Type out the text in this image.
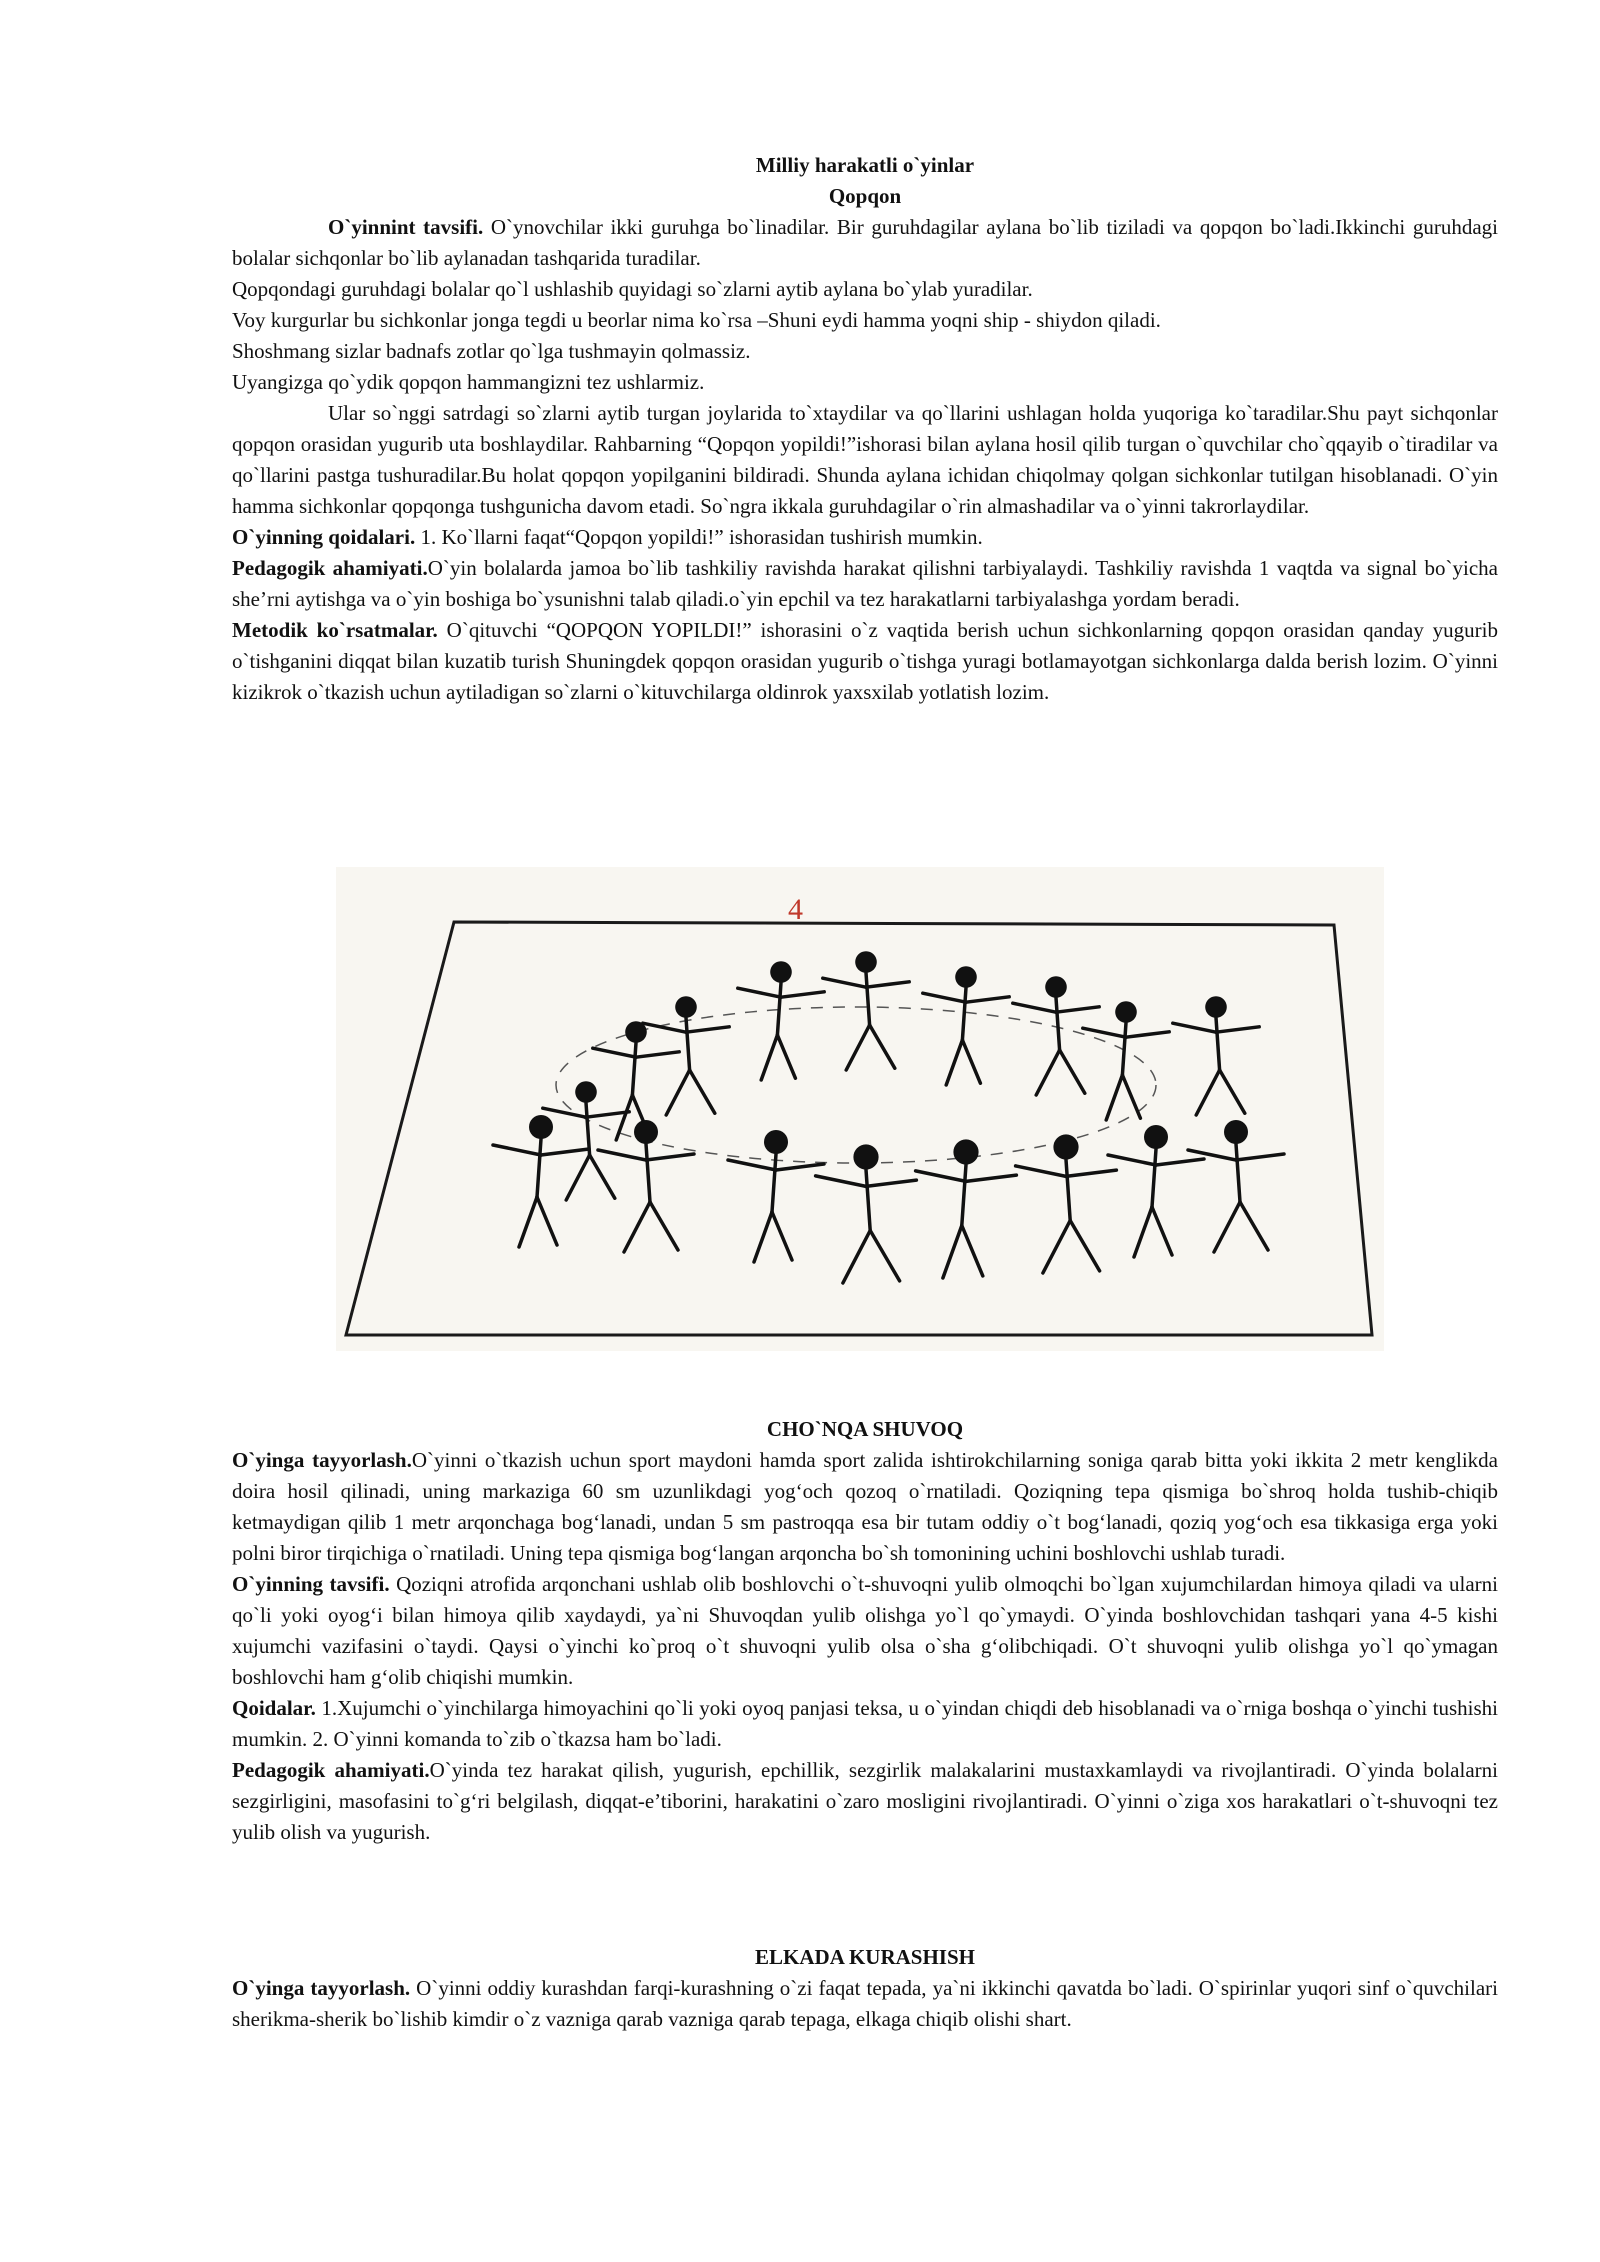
Milliy harakatli o`yinlar
Qopqon

O`yinnint tavsifi. O`ynovchilar ikki guruhga bo`linadilar. Bir guruhdagilar aylana bo`lib tiziladi va qopqon bo`ladi.Ikkinchi guruhdagi bolalar sichqonlar bo`lib aylanadan tashqarida turadilar.

Qopqondagi guruhdagi bolalar qo`l ushlashib quyidagi so`zlarni aytib aylana bo`ylab yuradilar.

Voy kurgurlar bu sichkonlar jonga tegdi u beorlar nima ko`rsa –Shuni eydi hamma yoqni ship - shiydon qiladi.

Shoshmang sizlar badnafs zotlar qo`lga tushmayin qolmassiz.

Uyangizga qo`ydik qopqon hammangizni tez ushlarmiz.

Ular so`nggi satrdagi so`zlarni aytib turgan joylarida to`xtaydilar va qo`llarini ushlagan holda yuqoriga ko`taradilar.Shu payt sichqonlar qopqon orasidan yugurib uta boshlaydilar. Rahbarning “Qopqon yopildi!”ishorasi bilan aylana hosil qilib turgan o`quvchilar cho`qqayib o`tiradilar va qo`llarini pastga tushuradilar.Bu holat qopqon yopilganini bildiradi. Shunda aylana ichidan chiqolmay qolgan sichkonlar tutilgan hisoblanadi. O`yin hamma sichkonlar qopqonga tushgunicha davom etadi. So`ngra ikkala guruhdagilar o`rin almashadilar va o`yinni takrorlaydilar.

O`yinning qoidalari. 1. Ko`llarni faqat“Qopqon yopildi!” ishorasidan tushirish mumkin.

Pedagogik ahamiyati.O`yin bolalarda jamoa bo`lib tashkiliy ravishda harakat qilishni tarbiyalaydi. Tashkiliy ravishda 1 vaqtda va signal bo`yicha she’rni aytishga va o`yin boshiga bo`ysunishni talab qiladi.o`yin epchil va tez harakatlarni tarbiyalashga yordam beradi.

Metodik ko`rsatmalar. O`qituvchi “QOPQON YOPILDI!” ishorasini o`z vaqtida berish uchun sichkonlarning qopqon orasidan qanday yugurib o`tishganini diqqat bilan kuzatib turish Shuningdek qopqon orasidan yugurib o`tishga yuragi botlamayotgan sichkonlarga dalda berish lozim. O`yinni kizikrok o`tkazish uchun aytiladigan so`zlarni o`kituvchilarga oldinrok yaxsxilab yotlatish lozim.

4
CHO`NQA SHUVOQ

O`yinga tayyorlash.O`yinni o`tkazish uchun sport maydoni hamda sport zalida ishtirokchilarning soniga qarab bitta yoki ikkita 2 metr kenglikda doira hosil qilinadi, uning markaziga 60 sm uzunlikdagi yog‘och qozoq o`rnatiladi. Qoziqning tepa qismiga bo`shroq holda tushib-chiqib ketmaydigan qilib 1 metr arqonchaga bog‘lanadi, undan 5 sm pastroqqa esa bir tutam oddiy o`t bog‘lanadi, qoziq yog‘och esa tikkasiga erga yoki polni biror tirqichiga o`rnatiladi. Uning tepa qismiga bog‘langan arqoncha bo`sh tomonining uchini boshlovchi ushlab turadi.

O`yinning tavsifi. Qoziqni atrofida arqonchani ushlab olib boshlovchi o`t-shuvoqni yulib olmoqchi bo`lgan xujumchilardan himoya qiladi va ularni qo`li yoki oyog‘i bilan himoya qilib xaydaydi, ya`ni Shuvoqdan yulib olishga yo`l qo`ymaydi. O`yinda boshlovchidan tashqari yana 4-5 kishi xujumchi vazifasini o`taydi. Qaysi o`yinchi ko`proq o`t shuvoqni yulib olsa o`sha g‘olibchiqadi. O`t shuvoqni yulib olishga yo`l qo`ymagan boshlovchi ham g‘olib chiqishi mumkin.

Qoidalar. 1.Xujumchi o`yinchilarga himoyachini qo`li yoki oyoq panjasi teksa, u o`yindan chiqdi deb hisoblanadi va o`rniga boshqa o`yinchi tushishi mumkin. 2. O`yinni komanda to`zib o`tkazsa ham bo`ladi.

Pedagogik ahamiyati.O`yinda tez harakat qilish, yugurish, epchillik, sezgirlik malakalarini mustaxkamlaydi va rivojlantiradi. O`yinda bolalarni sezgirligini, masofasini to`g‘ri belgilash, diqqat-e’tiborini, harakatini o`zaro mosligini rivojlantiradi. O`yinni o`ziga xos harakatlari o`t-shuvoqni tez yulib olish va yugurish.

ELKADA KURASHISH

O`yinga tayyorlash. O`yinni oddiy kurashdan farqi-kurashning o`zi faqat tepada, ya`ni ikkinchi qavatda bo`ladi. O`spirinlar yuqori sinf o`quvchilari sherikma-sherik bo`lishib kimdir o`z vazniga qarab vazniga qarab tepaga, elkaga chiqib olishi shart.
